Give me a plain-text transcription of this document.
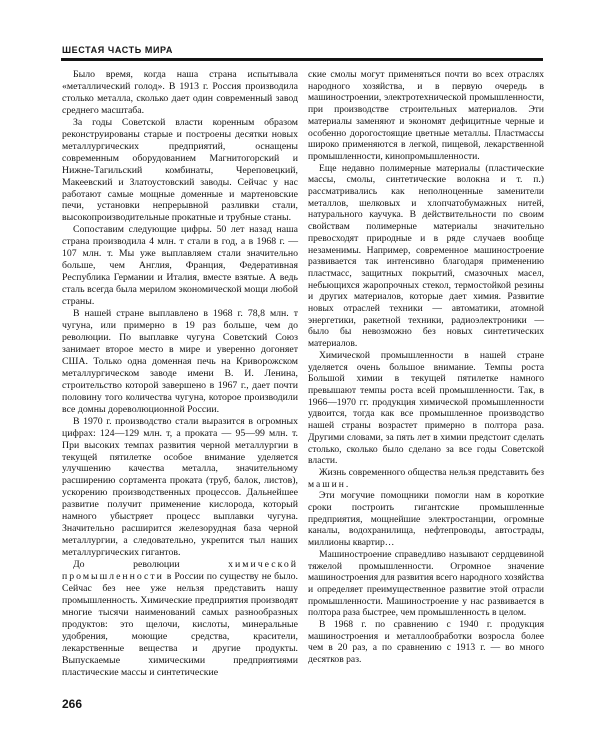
ШЕСТАЯ ЧАСТЬ МИРА

Было время, когда наша страна испытывала «металлический голод». В 1913 г. Россия производила столько металла, сколько дает один современный завод среднего масштаба.

За годы Советской власти коренным образом реконструированы старые и построены десятки новых металлургических предприятий, оснащены современным оборудованием Магнитогорский и Нижне-Тагильский комбинаты, Череповецкий, Макеевский и Златоустовский заводы. Сейчас у нас работают самые мощные доменные и мартеновские печи, установки непрерывной разливки стали, высокопроизводительные прокатные и трубные станы.

Сопоставим следующие цифры. 50 лет назад наша страна производила 4 млн. т стали в год, а в 1968 г. — 107 млн. т. Мы уже выплавляем стали значительно больше, чем Англия, Франция, Федеративная Республика Германии и Италия, вместе взятые. А ведь сталь всегда была мерилом экономической мощи любой страны.

В нашей стране выплавлено в 1968 г. 78,8 млн. т чугуна, или примерно в 19 раз больше, чем до революции. По выплавке чугуна Советский Союз занимает второе место в мире и уверенно догоняет США. Только одна доменная печь на Криворожском металлургическом заводе имени В. И. Ленина, строительство которой завершено в 1967 г., дает почти половину того количества чугуна, которое производили все домны дореволюционной России.

В 1970 г. производство стали выразится в огромных цифрах: 124—129 млн. т, а проката — 95—99 млн. т. При высоких темпах развития черной металлургии в текущей пятилетке особое внимание уделяется улучшению качества металла, значительному расширению сортамента проката (труб, балок, листов), ускорению производственных процессов. Дальнейшее развитие получит применение кислорода, который намного убыстряет процесс выплавки чугуна. Значительно расширится железорудная база черной металлургии, а следовательно, укрепится тыл наших металлургических гигантов.

До революции химической промышленности в России по существу не было. Сейчас без нее уже нельзя представить нашу промышленность. Химические предприятия производят многие тысячи наименований самых разнообразных продуктов: это щелочи, кислоты, минеральные удобрения, моющие средства, красители, лекарственные вещества и другие продукты. Выпускаемые химическими предприятиями пластические массы и синтетические

ские смолы могут применяться почти во всех отраслях народного хозяйства, и в первую очередь в машиностроении, электротехнической промышленности, при производстве строительных материалов. Эти материалы заменяют и экономят дефицитные черные и особенно дорогостоящие цветные металлы. Пластмассы широко применяются в легкой, пищевой, лекарственной промышленности, кинопромышленности.

Еще недавно полимерные материалы (пластические массы, смолы, синтетические волокна и т. п.) рассматривались как неполноценные заменители металлов, шелковых и хлопчатобумажных нитей, натурального каучука. В действительности по своим свойствам полимерные материалы значительно превосходят природные и в ряде случаев вообще незаменимы. Например, современное машиностроение развивается так интенсивно благодаря применению пластмасс, защитных покрытий, смазочных масел, небьющихся жаропрочных стекол, термостойкой резины и других материалов, которые дает химия. Развитие новых отраслей техники — автоматики, атомной энергетики, ракетной техники, радиоэлектроники — было бы невозможно без новых синтетических материалов.

Химической промышленности в нашей стране уделяется очень большое внимание. Темпы роста Большой химии в текущей пятилетке намного превышают темпы роста всей промышленности. Так, в 1966—1970 гг. продукция химической промышленности удвоится, тогда как все промышленное производство нашей страны возрастет примерно в полтора раза. Другими словами, за пять лет в химии предстоит сделать столько, сколько было сделано за все годы Советской власти.

Жизнь современного общества нельзя представить без машин.

Эти могучие помощники помогли нам в короткие сроки построить гигантские промышленные предприятия, мощнейшие электростанции, огромные каналы, водохранилища, нефтепроводы, автострады, миллионы квартир…

Машиностроение справедливо называют сердцевиной тяжелой промышленности. Огромное значение машиностроения для развития всего народного хозяйства и определяет преимущественное развитие этой отрасли промышленности. Машиностроение у нас развивается в полтора раза быстрее, чем промышленность в целом.

В 1968 г. по сравнению с 1940 г. продукция машиностроения и металлообработки возросла более чем в 20 раз, а по сравнению с 1913 г. — во много десятков раз.

266
